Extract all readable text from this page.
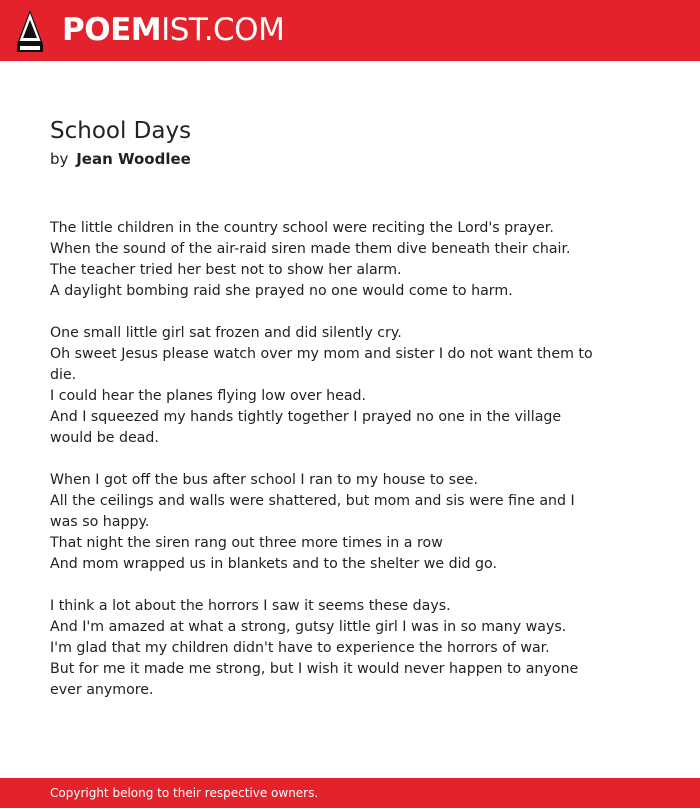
POEMIST.COM
School Days
by Jean Woodlee
The little children in the country school were reciting the Lord's prayer.
When the sound of the air-raid siren made them dive beneath their chair.
The teacher tried her best not to show her alarm.
A daylight bombing raid she prayed no one would come to harm.
One small little girl sat frozen and did silently cry.
Oh sweet Jesus please watch over my mom and sister I do not want them to
die.
I could hear the planes flying low over head.
And I squeezed my hands tightly together I prayed no one in the village
would be dead.
When I got off the bus after school I ran to my house to see.
All the ceilings and walls were shattered, but mom and sis were fine and I
was so happy.
That night the siren rang out three more times in a row
And mom wrapped us in blankets and to the shelter we did go.
I think a lot about the horrors I saw it seems these days.
And I'm amazed at what a strong, gutsy little girl I was in so many ways.
I'm glad that my children didn't have to experience the horrors of war.
But for me it made me strong, but I wish it would never happen to anyone
ever anymore.
Copyright belong to their respective owners.
